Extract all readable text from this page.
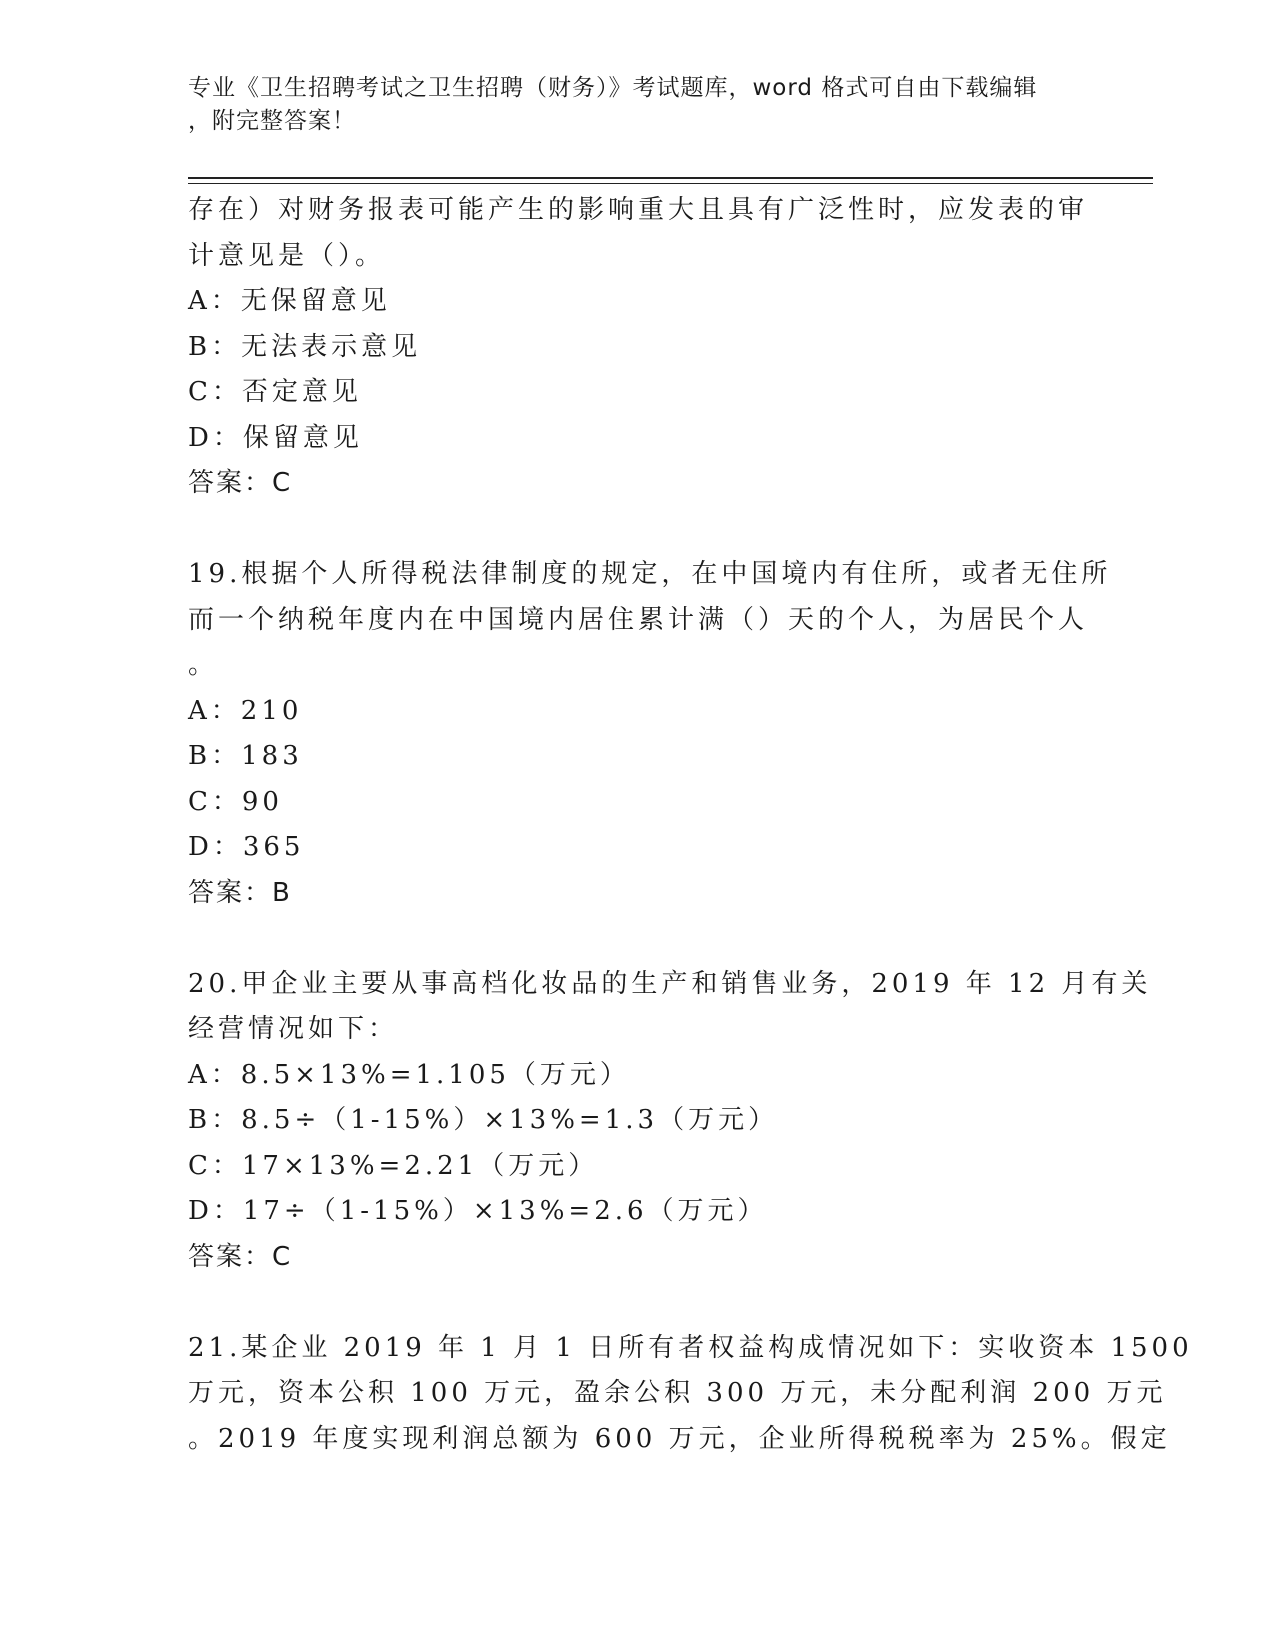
专业《卫生招聘考试之卫生招聘（财务）》考试题库，word 格式可自由下载编辑
，附完整答案！
存在）对财务报表可能产生的影响重大且具有广泛性时，应发表的审
计意见是（）。
A：无保留意见
B：无法表示意见
C：否定意见
D：保留意见
答案：C
19.根据个人所得税法律制度的规定，在中国境内有住所，或者无住所
而一个纳税年度内在中国境内居住累计满（）天的个人，为居民个人
。
A：210
B：183
C：90
D：365
答案：B
20.甲企业主要从事高档化妆品的生产和销售业务，2019 年 12 月有关
经营情况如下：
A：8.5×13%=1.105（万元）
B：8.5÷（1-15%）×13%=1.3（万元）
C：17×13%=2.21（万元）
D：17÷（1-15%）×13%=2.6（万元）
答案：C
21.某企业 2019 年 1 月 1 日所有者权益构成情况如下：实收资本 1500
万元，资本公积 100 万元，盈余公积 300 万元，未分配利润 200 万元
。2019 年度实现利润总额为 600 万元，企业所得税税率为 25%。假定
